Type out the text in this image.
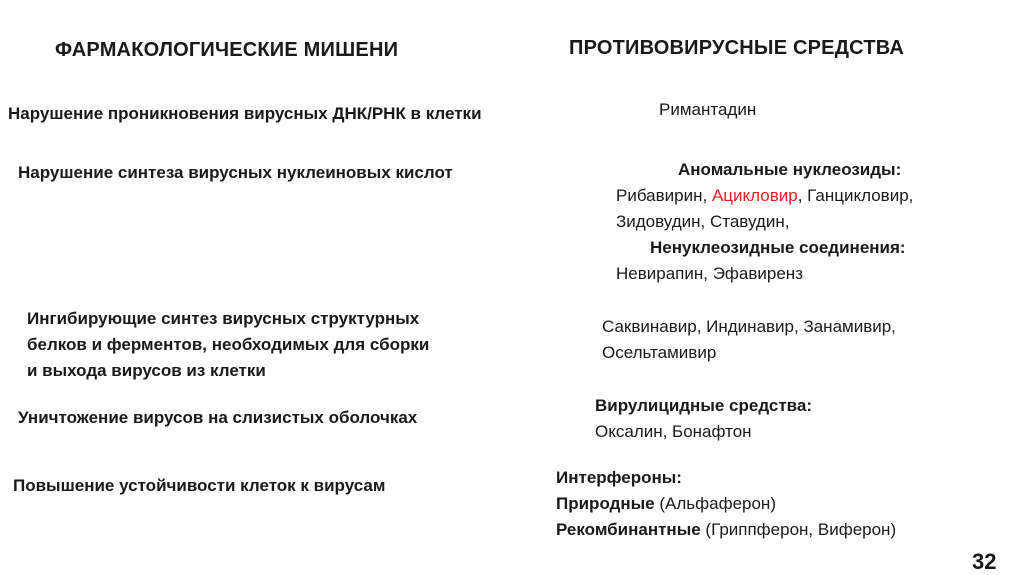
ФАРМАКОЛОГИЧЕСКИЕ МИШЕНИ	ПРОТИВОВИРУСНЫЕ СРЕДСТВА
Нарушение проникновения вирусных ДНК/РНК в клетки
Нарушение синтеза вирусных нуклеиновых кислот
Ингибирующие синтез вирусных структурных
белков и ферментов, необходимых для сборки
и выхода вирусов из клетки
Уничтожение вирусов на слизистых оболочках
Повышение устойчивости клеток к вирусам
Римантадин
Аномальные нуклеозиды:
Рибавирин, Ацикловир, Ганцикловир,
Зидовудин, Ставудин,
Ненуклеозидные соединения:
Невирапин, Эфавиренз
Саквинавир, Индинавир, Занамивир,
Осельтамивир
Вирулицидные средства:
Оксалин, Бонафтон
Интерфероны:
Природные (Альфаферон)
Рекомбинантные (Гриппферон, Виферон)
32
